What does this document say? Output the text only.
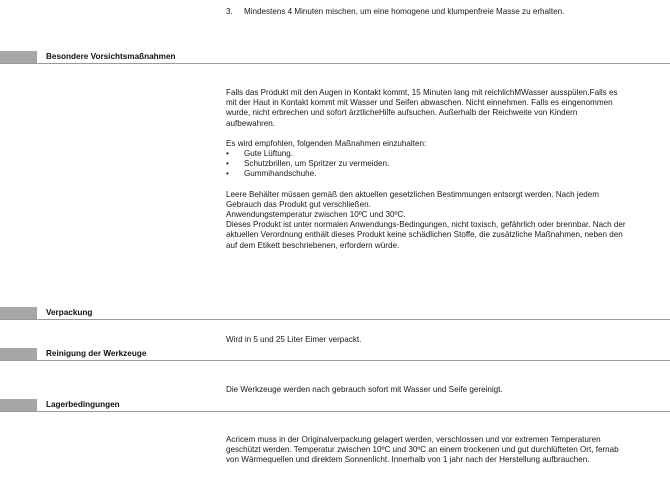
3.	Mindestens 4 Minuten mischen, um eine homogene und klumpenfreie Masse zu erhalten.
Besondere Vorsichtsmaßnahmen

Falls das Produkt mit den Augen in Kontakt kommt, 15 Minuten lang mit reichlichMWasser ausspülen.Falls es mit der Haut in Kontakt kommt mit Wasser und Seifen abwaschen. Nicht einnehmen. Falls es eingenommen wurde, nicht erbrechen und sofort ärztlicheHilfe aufsuchen. Außerhalb der Reichweite von Kindern aufbewahren.

Es wird empfohlen, folgenden Maßnahmen einzuhalten:

• Gute Lüftung.
• Schutzbrillen, um Spritzer zu vermeiden.
• Gummihandschuhe.

Leere Behälter müssen gemäß den aktuellen gesetzlichen Bestimmungen entsorgt werden. Nach jedem Gebrauch das Produkt gut verschließen.

Anwendungstemperatur zwischen 10ºC und 30ºC.

Dieses Produkt ist unter normalen Anwendungs-Bedingungen, nicht toxisch, gefährlich oder brennbar. Nach der aktuellen Verordnung enthält dieses Produkt keine schädlichen Stoffe, die zusätzliche Maßnahmen, neben den auf dem Etikett beschriebenen, erfordern würde.

Verpackung

Wird in 5 und 25 Liter Eimer verpackt.

Reinigung der Werkzeuge

Die Werkzeuge werden nach gebrauch sofort mit Wasser und Seife gereinigt.

Lagerbedingungen

Acricem muss in der Originalverpackung gelagert werden, verschlossen und vor extremen Temperaturen geschützt werden. Temperatur zwischen 10ºC und 30ºC an einem trockenen und gut durchlüfteten Ort, fernab von Wärmequellen und direktem Sonnenlicht. Innerhalb von 1 jahr nach der Herstellung aufbrauchen.
